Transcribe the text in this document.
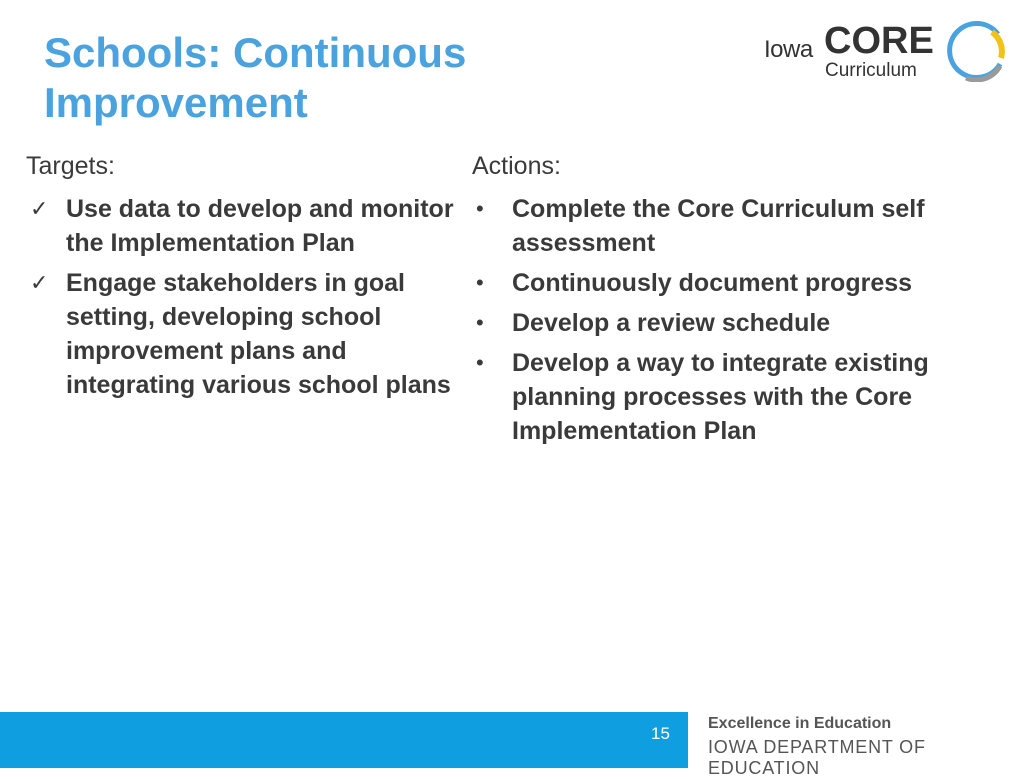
Schools: Continuous
Improvement
Iowa CORE
Curriculum

Targets:

✓ Use data to develop and monitor the Implementation Plan
✓ Engage stakeholders in goal setting, developing school improvement plans and integrating various school plans

Actions:

• Complete the Core Curriculum self assessment
• Continuously document progress
• Develop a review schedule
• Develop a way to integrate existing planning processes with the Core Implementation Plan
15
Excellence in Education
IOWA DEPARTMENT OF EDUCATION
